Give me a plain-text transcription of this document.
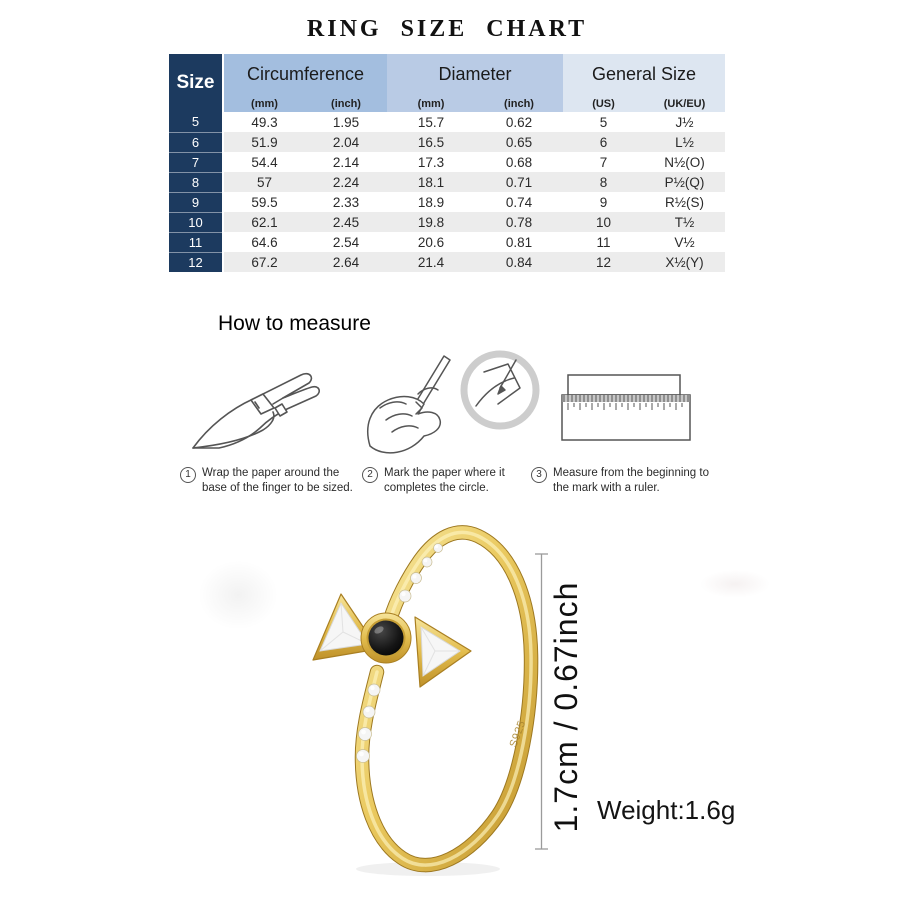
RING SIZE CHART
Size	Circumference		Diameter		General Size	
	(mm)	(inch)	(mm)	(inch)	(US)	(UK/EU)
5	49.3	1.95	15.7	0.62	5	J½
6	51.9	2.04	16.5	0.65	6	L½
7	54.4	2.14	17.3	0.68	7	N½(O)
8	57	2.24	18.1	0.71	8	P½(Q)
9	59.5	2.33	18.9	0.74	9	R½(S)
10	62.1	2.45	19.8	0.78	10	T½
11	64.6	2.54	20.6	0.81	11	V½
12	67.2	2.64	21.4	0.84	12	X½(Y)
How to measure
1 Wrap the paper around the
base of the finger to be sized.
2 Mark the paper where it
completes the circle.
3 Measure from the beginning to
the mark with a ruler.
S925 1.7cm / 0.67inch Weight:1.6g
